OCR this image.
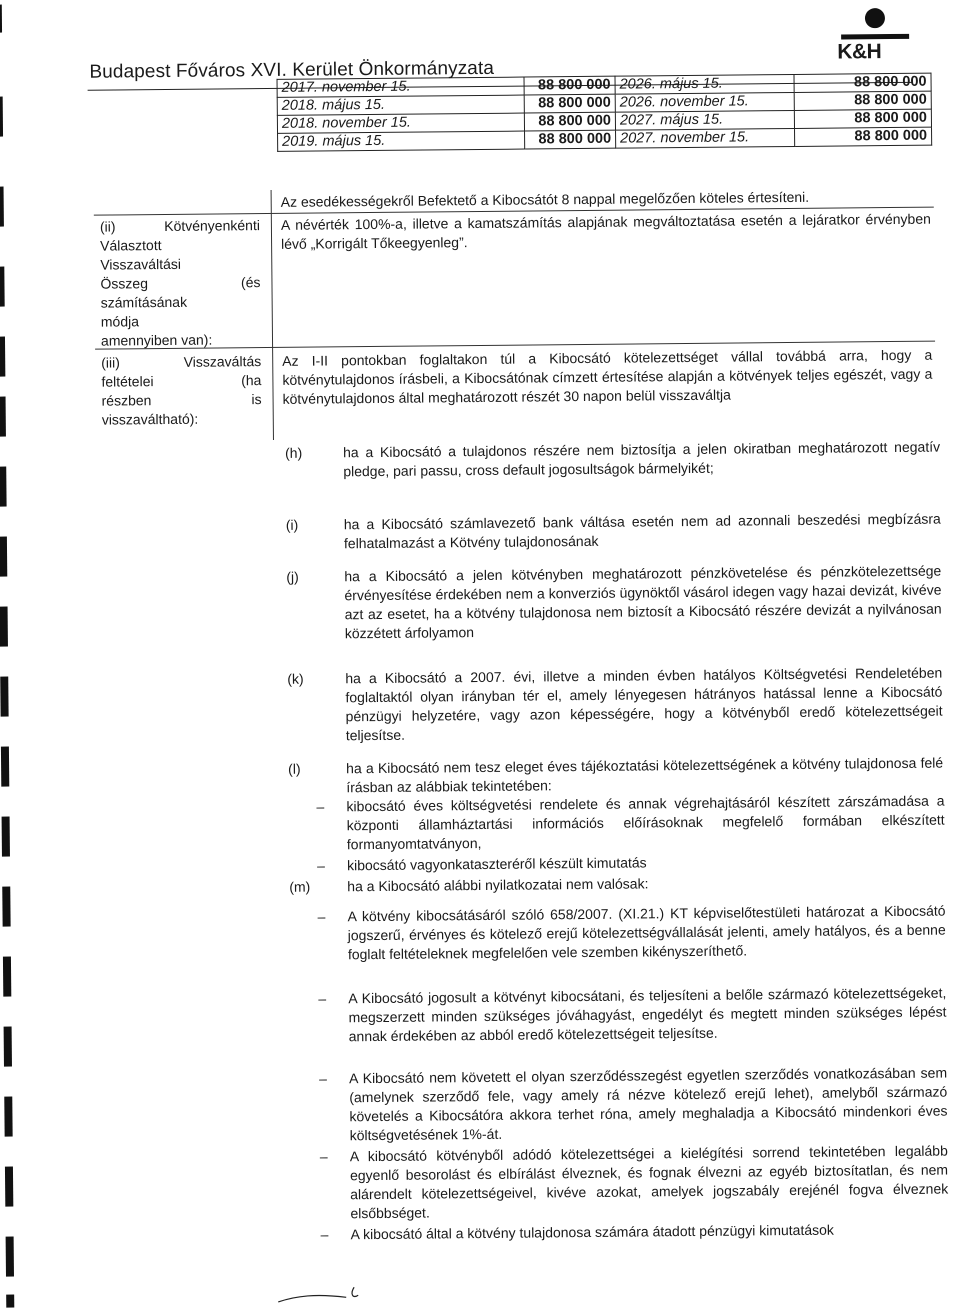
Budapest Főváros XVI. Kerület Önkormányzata
K&H
2017. november 15.	88 800 000	2026. május 15.	88 800 000
2018. május 15.	88 800 000	2026. november 15.	88 800 000
2018. november 15.	88 800 000	2027. május 15.	88 800 000
2019. május 15.	88 800 000	2027. november 15.	88 800 000
Az esedékességekről Befektető a Kibocsátót 8 nappal megelőzően köteles értesíteni.
(ii) Kötvényenkénti
Választott
Visszaváltási
Összeg (és
számításának
módja
amennyiben van):
A névérték 100%-a, illetve a kamatszámítás alapjának megváltoztatása esetén a lejáratkor érvényben lévő „Korrigált Tőkeegyenleg”.
(iii) Visszaváltás
feltételei (ha
részben is
visszaváltható):
Az I-II pontokban foglaltakon túl a Kibocsátó kötelezettséget vállal továbbá arra, hogy a kötvénytulajdonos írásbeli, a Kibocsátónak címzett értesítése alapján a kötvények teljes egészét, vagy a kötvénytulajdonos által meghatározott részét 30 napon belül visszaváltja
(h)	ha a Kibocsátó a tulajdonos részére nem biztosítja a jelen okiratban meghatározott negatív pledge, pari passu, cross default jogosultságok bármelyikét;
(i)	ha a Kibocsátó számlavezető bank váltása esetén nem ad azonnali beszedési megbízásra felhatalmazást a Kötvény tulajdonosának
(j)	ha a Kibocsátó a jelen kötvényben meghatározott pénzkövetelése és pénzkötelezettsége érvényesítése érdekében nem a konverziós ügynöktől vásárol idegen vagy hazai devizát, kivéve azt az esetet, ha a kötvény tulajdonosa nem biztosít a Kibocsátó részére devizát a nyilvánosan közzétett árfolyamon
(k)	ha a Kibocsátó a 2007. évi, illetve a minden évben hatályos Költségvetési Rendeletében foglaltaktól olyan irányban tér el, amely lényegesen hátrányos hatással lenne a Kibocsátó pénzügyi helyzetére, vagy azon képességére, hogy a kötvényből eredő kötelezettségeit teljesítse.
(l)	ha a Kibocsátó nem tesz eleget éves tájékoztatási kötelezettségének a kötvény tulajdonosa felé írásban az alábbiak tekintetében:
– kibocsátó éves költségvetési rendelete és annak végrehajtásáról készített zárszámadása a központi államháztartási információs előírásoknak megfelelő formában elkészített formanyomtatványon,
– kibocsátó vagyonkataszteréről készült kimutatás
(m)	ha a Kibocsátó alábbi nyilatkozatai nem valósak:
– A kötvény kibocsátásáról szóló 658/2007. (XI.21.) KT képviselőtestületi határozat a Kibocsátó jogszerű, érvényes és kötelező erejű kötelezettségvállalását jelenti, amely hatályos, és a benne foglalt feltételeknek megfelelően vele szemben kikényszeríthető.
– A Kibocsátó jogosult a kötvényt kibocsátani, és teljesíteni a belőle származó kötelezettségeket, megszerzett minden szükséges jóváhagyást, engedélyt és megtett minden szükséges lépést annak érdekében az abból eredő kötelezettségeit teljesítse.
– A Kibocsátó nem követett el olyan szerződésszegést egyetlen szerződés vonatkozásában sem (amelynek szerződő fele, vagy amely rá nézve kötelező erejű lehet), amelyből származó követelés a Kibocsátóra akkora terhet róna, amely meghaladja a Kibocsátó mindenkori éves költségvetésének 1%-át.
– A kibocsátó kötvényből adódó kötelezettségei a kielégítési sorrend tekintetében legalább egyenlő besorolást és elbírálást élveznek, és fognak élvezni az egyéb biztosítatlan, és nem alárendelt kötelezettségeivel, kivéve azokat, amelyek jogszabály erejénél fogva élveznek elsőbbséget.
– A kibocsátó által a kötvény tulajdonosa számára átadott pénzügyi kimutatások
